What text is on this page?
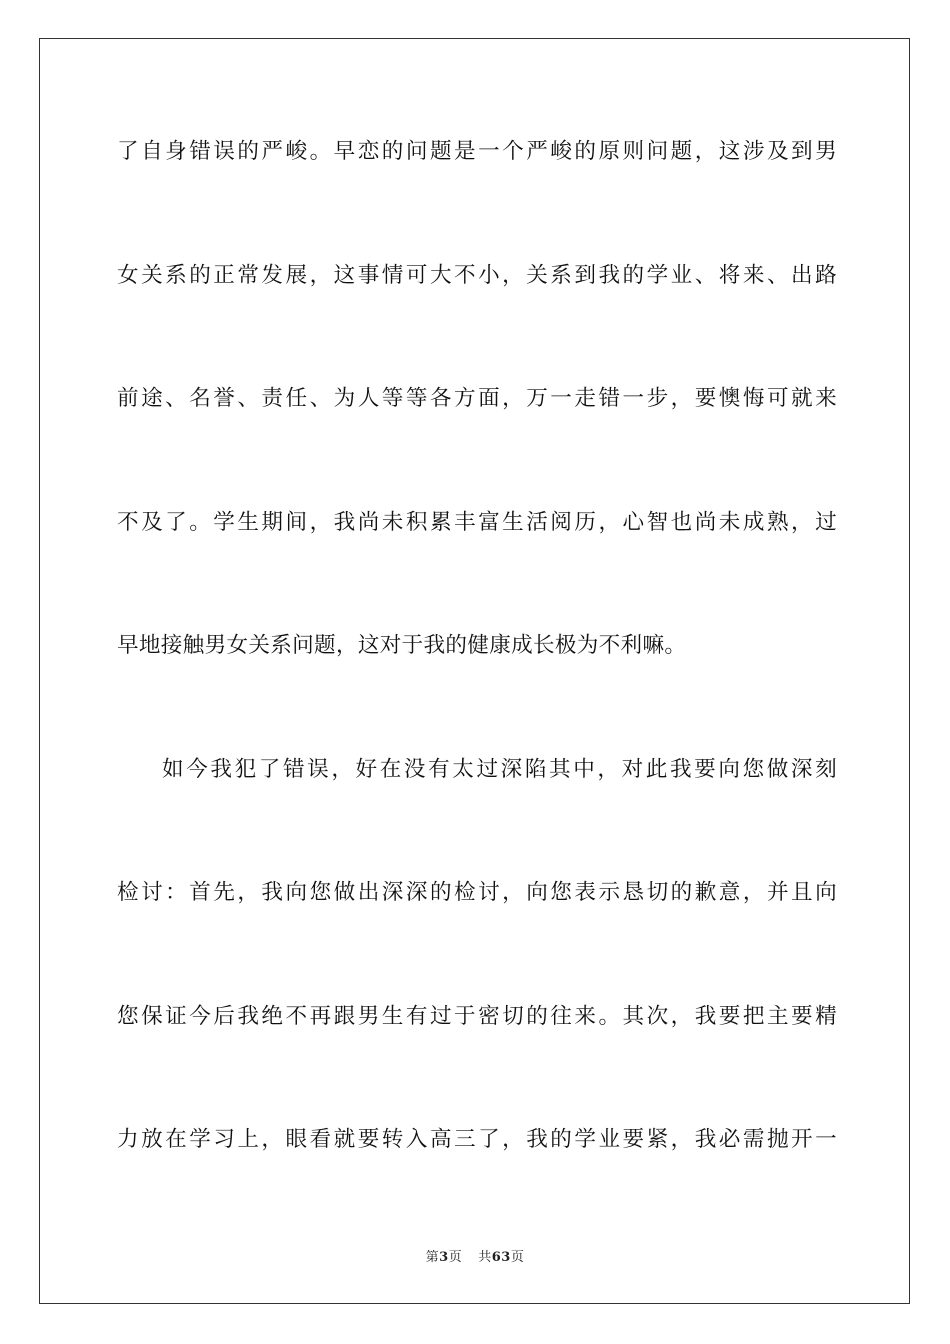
了自身错误的严峻。早恋的问题是一个严峻的原则问题，这涉及到男
女关系的正常发展，这事情可大不小，关系到我的学业、将来、出路
前途、名誉、责任、为人等等各方面，万一走错一步，要懊悔可就来
不及了。学生期间，我尚未积累丰富生活阅历，心智也尚未成熟，过
早地接触男女关系问题，这对于我的健康成长极为不利嘛。
如今我犯了错误，好在没有太过深陷其中，对此我要向您做深刻
检讨：首先，我向您做出深深的检讨，向您表示恳切的歉意，并且向
您保证今后我绝不再跟男生有过于密切的往来。其次，我要把主要精
力放在学习上，眼看就要转入高三了，我的学业要紧，我必需抛开一
第3页 共63页
